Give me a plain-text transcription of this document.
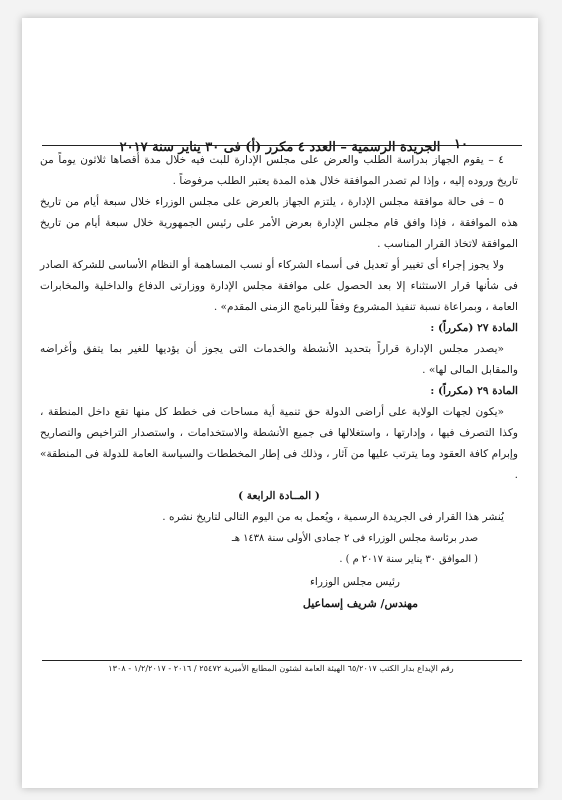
١٠
الجريدة الرسمية – العدد ٤ مكرر (أ) فى ٣٠ يناير سنة ٢٠١٧

٤ – يقوم الجهاز بدراسة الطلب والعرض على مجلس الإدارة للبت فيه خلال مدة أقصاها ثلاثون يوماً من تاريخ وروده إليه ، وإذا لم تصدر الموافقة خلال هذه المدة يعتبر الطلب مرفوضاً .

٥ – فى حالة موافقة مجلس الإدارة ، يلتزم الجهاز بالعرض على مجلس الوزراء خلال سبعة أيام من تاريخ هذه الموافقة ، فإذا وافق قام مجلس الإدارة بعرض الأمر على رئيس الجمهورية خلال سبعة أيام من تاريخ الموافقة لاتخاذ القرار المناسب .

ولا يجوز إجراء أى تغيير أو تعديل فى أسماء الشركاء أو نسب المساهمة أو النظام الأساسى للشركة الصادر فى شأنها قرار الاستثناء إلا بعد الحصول على موافقة مجلس الإدارة ووزارتى الدفاع والداخلية والمخابرات العامة ، وبمراعاة نسبة تنفيذ المشروع وفقاً للبرنامج الزمنى المقدم» .

المادة ٢٧ (مكرراً) :

«يصدر مجلس الإدارة قراراً بتحديد الأنشطة والخدمات التى يجوز أن يؤديها للغير بما يتفق وأغراضه والمقابل المالى لها» .

المادة ٢٩ (مكرراً) :

«يكون لجهات الولاية على أراضى الدولة حق تنمية أية مساحات فى خطط كل منها تقع داخل المنطقة ، وكذا التصرف فيها ، وإدارتها ، واستغلالها فى جميع الأنشطة والاستخدامات ، واستصدار التراخيص والتصاريح وإبرام كافة العقود وما يترتب عليها من آثار ، وذلك فى إطار المخططات والسياسة العامة للدولة فى المنطقة» .

( المــادة الرابعة )

يُنشر هذا القرار فى الجريدة الرسمية ، ويُعمل به من اليوم التالى لتاريخ نشره .

صدر برئاسة مجلس الوزراء فى ٢ جمادى الأولى سنة ١٤٣٨ هـ

( الموافق ٣٠ يناير سنة ٢٠١٧ م ) .

رئيس مجلس الوزراء

مهندس/ شريف إسماعيل

رقم الإيداع بدار الكتب ٦٥/٢٠١٧ الهيئة العامة لشئون المطابع الأميرية ٢٥٤٧٢ / ٢٠١٦ - ١/٢/٢٠١٧ - ١٣٠٨
